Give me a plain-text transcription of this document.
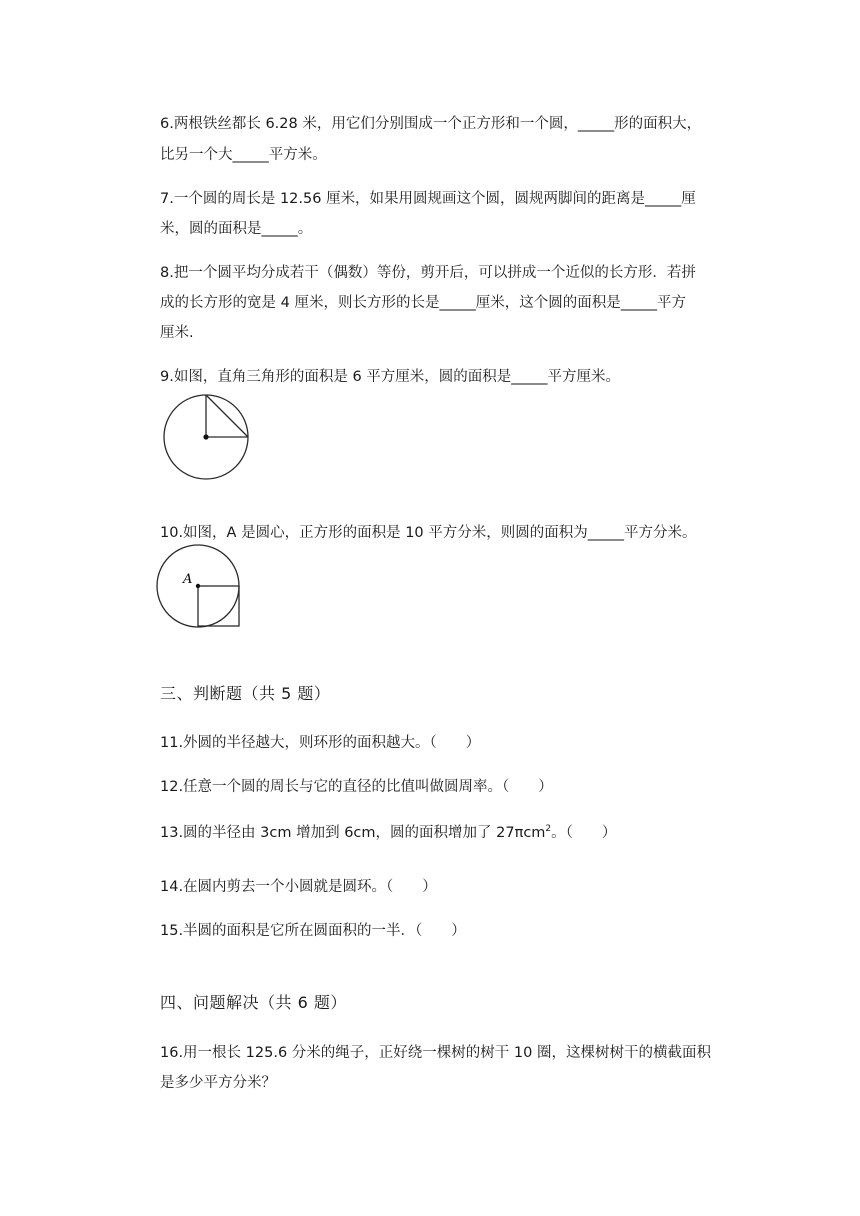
6.两根铁丝都长 6.28 米，用它们分别围成一个正方形和一个圆，_____形的面积大，
比另一个大_____平方米。
7.一个圆的周长是 12.56 厘米，如果用圆规画这个圆，圆规两脚间的距离是_____厘
米，圆的面积是_____。
8.把一个圆平均分成若干（偶数）等份，剪开后，可以拼成一个近似的长方形．若拼
成的长方形的宽是 4 厘米，则长方形的长是_____厘米，这个圆的面积是_____平方
厘米.
9.如图，直角三角形的面积是 6 平方厘米，圆的面积是_____平方厘米。
10.如图，A 是圆心，正方形的面积是 10 平方分米，则圆的面积为_____平方分米。
A
三、判断题（共 5 题）
11.外圆的半径越大，则环形的面积越大。（　　）
12.任意一个圆的周长与它的直径的比值叫做圆周率。（　　）
13.圆的半径由 3cm 增加到 6cm，圆的面积增加了 27πcm$^2$。（　　）
14.在圆内剪去一个小圆就是圆环。（　　）
15.半圆的面积是它所在圆面积的一半．（　　）
四、问题解决（共 6 题）
16.用一根长 125.6 分米的绳子，正好绕一棵树的树干 10 圈，这棵树树干的横截面积
是多少平方分米？
